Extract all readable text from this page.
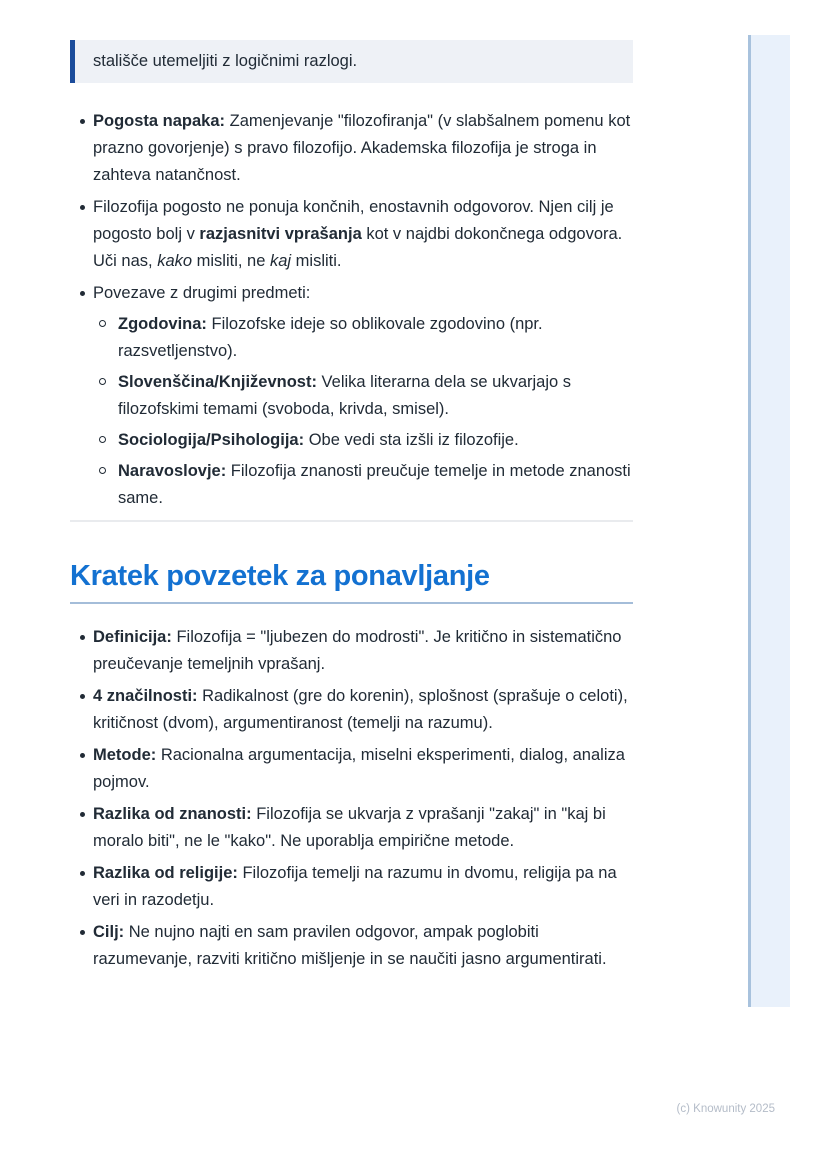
stališče utemeljiti z logičnimi razlogi.
Pogosta napaka: Zamenjevanje "filozofiranja" (v slabšalnem pomenu kot prazno govorjenje) s pravo filozofijo. Akademska filozofija je stroga in zahteva natančnost.
Filozofija pogosto ne ponuja končnih, enostavnih odgovorov. Njen cilj je pogosto bolj v razjasnitvi vprašanja kot v najdbi dokončnega odgovora. Uči nas, kako misliti, ne kaj misliti.
Povezave z drugimi predmeti:
Zgodovina: Filozofske ideje so oblikovale zgodovino (npr. razsvetljenstvo).
Slovenščina/Književnost: Velika literarna dela se ukvarjajo s filozofskimi temami (svoboda, krivda, smisel).
Sociologija/Psihologija: Obe vedi sta izšli iz filozofije.
Naravoslovje: Filozofija znanosti preučuje temelje in metode znanosti same.
Kratek povzetek za ponavljanje
Definicija: Filozofija = "ljubezen do modrosti". Je kritično in sistematično preučevanje temeljnih vprašanj.
4 značilnosti: Radikalnost (gre do korenin), splošnost (sprašuje o celoti), kritičnost (dvom), argumentiranost (temelji na razumu).
Metode: Racionalna argumentacija, miselni eksperimenti, dialog, analiza pojmov.
Razlika od znanosti: Filozofija se ukvarja z vprašanji "zakaj" in "kaj bi moralo biti", ne le "kako". Ne uporablja empirične metode.
Razlika od religije: Filozofija temelji na razumu in dvomu, religija pa na veri in razodetju.
Cilj: Ne nujno najti en sam pravilen odgovor, ampak poglobiti razumevanje, razviti kritično mišljenje in se naučiti jasno argumentirati.
(c) Knowunity 2025
